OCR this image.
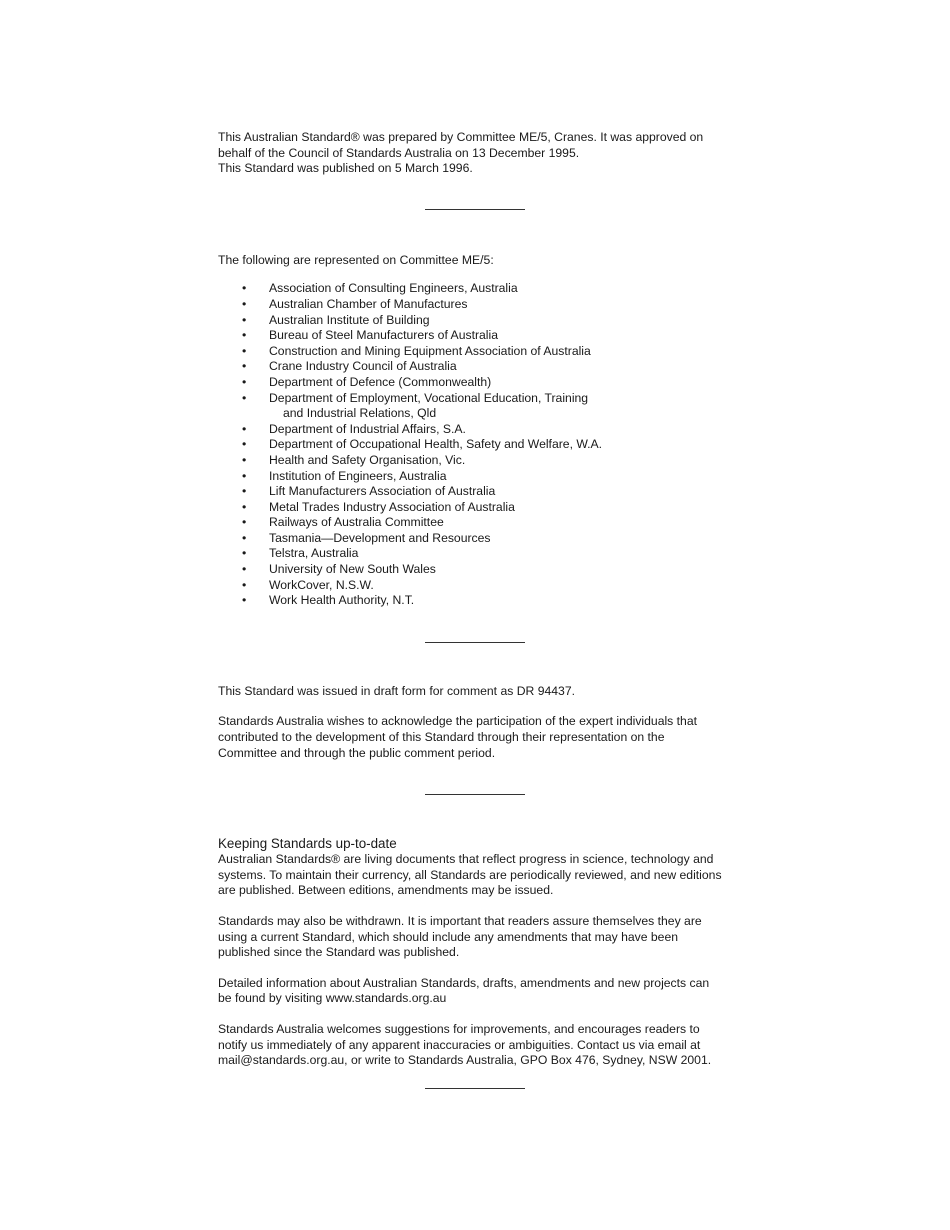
This Australian Standard® was prepared by Committee ME/5, Cranes. It was approved on
behalf of the Council of Standards Australia on 13 December 1995.
This Standard was published on 5 March 1996.

The following are represented on Committee ME/5:

• Association of Consulting Engineers, Australia
• Australian Chamber of Manufactures
• Australian Institute of Building
• Bureau of Steel Manufacturers of Australia
• Construction and Mining Equipment Association of Australia
• Crane Industry Council of Australia
• Department of Defence (Commonwealth)
• Department of Employment, Vocational Education, Training
and Industrial Relations, Qld
• Department of Industrial Affairs, S.A.
• Department of Occupational Health, Safety and Welfare, W.A.
• Health and Safety Organisation, Vic.
• Institution of Engineers, Australia
• Lift Manufacturers Association of Australia
• Metal Trades Industry Association of Australia
• Railways of Australia Committee
• Tasmania—Development and Resources
• Telstra, Australia
• University of New South Wales
• WorkCover, N.S.W.
• Work Health Authority, N.T.

This Standard was issued in draft form for comment as DR 94437.

Standards Australia wishes to acknowledge the participation of the expert individuals that
contributed to the development of this Standard through their representation on the
Committee and through the public comment period.

Keeping Standards up-to-date

Australian Standards® are living documents that reflect progress in science, technology and
systems. To maintain their currency, all Standards are periodically reviewed, and new editions
are published. Between editions, amendments may be issued.

Standards may also be withdrawn. It is important that readers assure themselves they are
using a current Standard, which should include any amendments that may have been
published since the Standard was published.

Detailed information about Australian Standards, drafts, amendments and new projects can
be found by visiting www.standards.org.au

Standards Australia welcomes suggestions for improvements, and encourages readers to
notify us immediately of any apparent inaccuracies or ambiguities. Contact us via email at
mail@standards.org.au, or write to Standards Australia, GPO Box 476, Sydney, NSW 2001.
